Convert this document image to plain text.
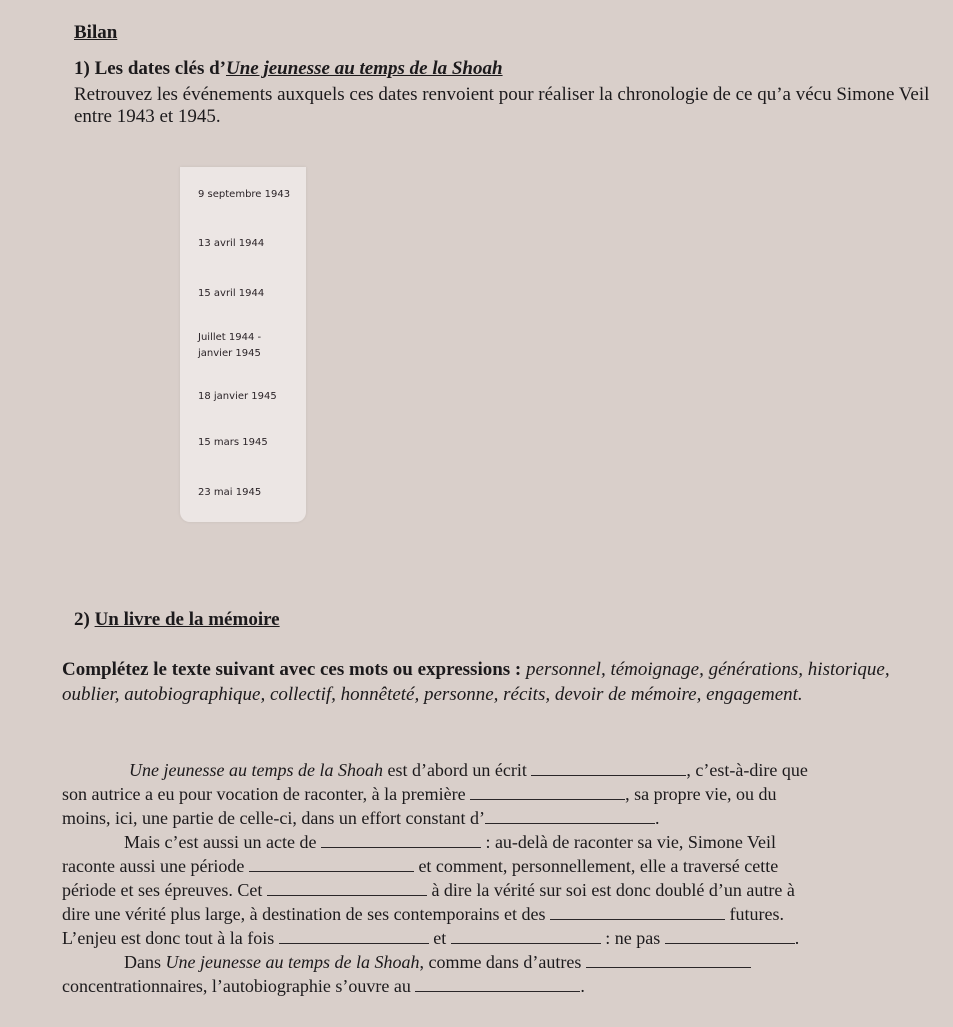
Bilan
1) Les dates clés d’Une jeunesse au temps de la Shoah
Retrouvez les événements auxquels ces dates renvoient pour réaliser la chronologie de ce qu’a vécu Simone Veil entre 1943 et 1945.
9 septembre 1943
13 avril 1944
15 avril 1944
Juillet 1944 - janvier 1945
18 janvier 1945
15 mars 1945
23 mai 1945
2) Un livre de la mémoire
Complétez le texte suivant avec ces mots ou expressions : personnel, témoignage, générations, historique, oublier, autobiographique, collectif, honnêteté, personne, récits, devoir de mémoire, engagement.
Une jeunesse au temps de la Shoah est d’abord un écrit	, c’est-à-dire que
son autrice a eu pour vocation de raconter, à la première	, sa propre vie, ou du
moins, ici, une partie de celle-ci, dans un effort constant d’	.
Mais c’est aussi un acte de	: au-delà de raconter sa vie, Simone Veil
raconte aussi une période	et comment, personnellement, elle a traversé cette
période et ses épreuves. Cet	à dire la vérité sur soi est donc doublé d’un autre à
dire une vérité plus large, à destination de ses contemporains et des	futures.
L’enjeu est donc tout à la fois	et	: ne pas	.
Dans Une jeunesse au temps de la Shoah, comme dans d’autres
concentrationnaires, l’autobiographie s’ouvre au	.
